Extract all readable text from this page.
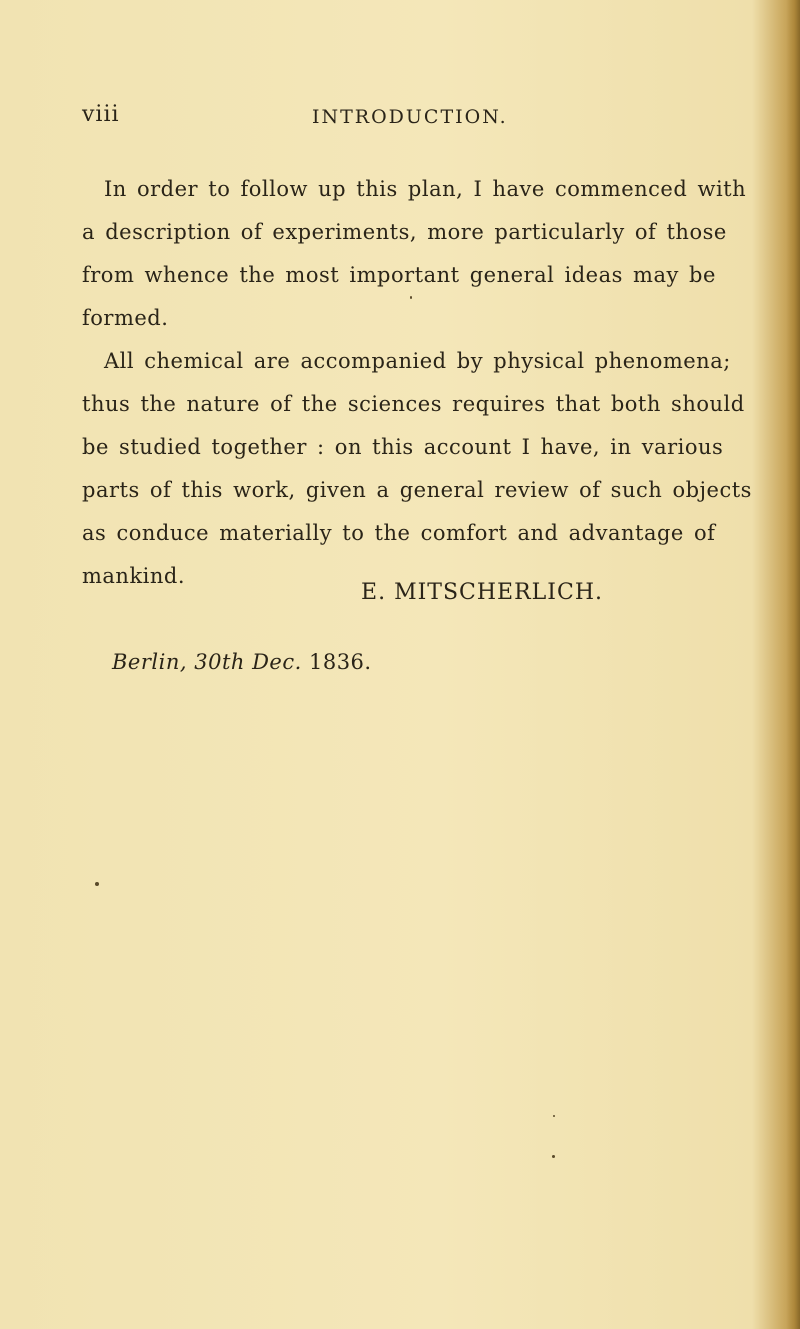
viii	INTRODUCTION.

In order to follow up this plan, I have commenced with
a description of experiments, more particularly of those
from whence the most important general ideas may be
formed.

All chemical are accompanied by physical phenomena;
thus the nature of the sciences requires that both should
be studied together : on this account I have, in various
parts of this work, given a general review of such objects
as conduce materially to the comfort and advantage of
mankind.

E. MITSCHERLICH.
Berlin, 30th Dec. 1836.
